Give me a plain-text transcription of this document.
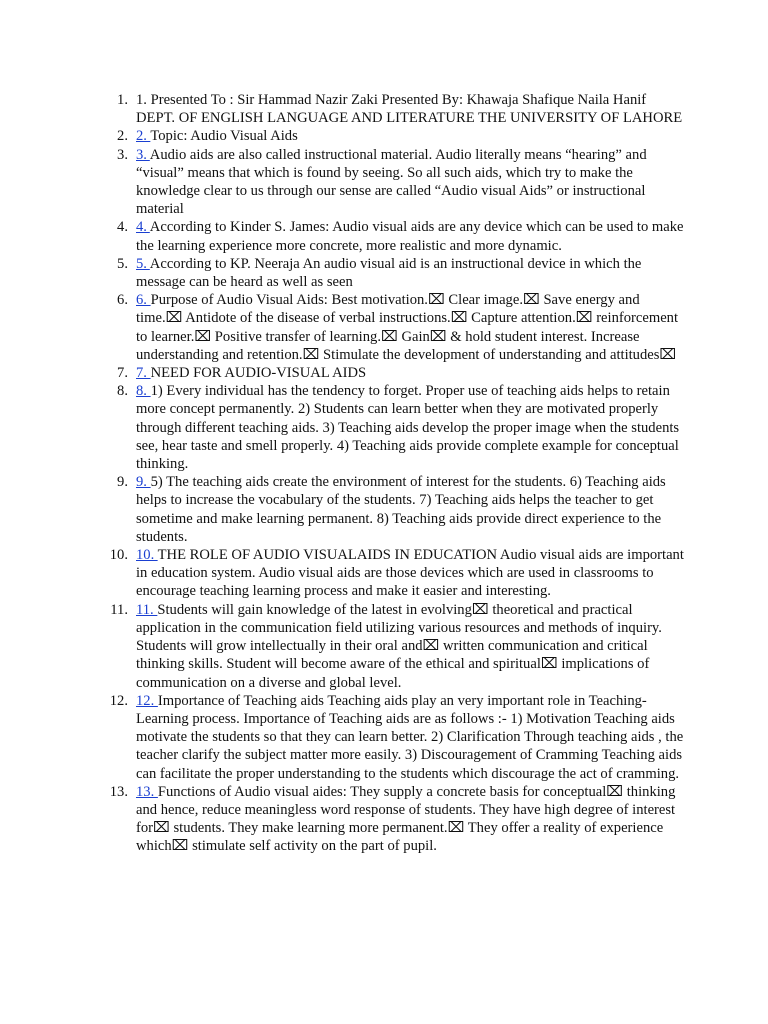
1. 1. Presented To : Sir Hammad Nazir Zaki Presented By: Khawaja Shafique Naila Hanif DEPT. OF ENGLISH LANGUAGE AND LITERATURE THE UNIVERSITY OF LAHORE
2. 2. Topic: Audio Visual Aids
3. 3. Audio aids are also called instructional material. Audio literally means “hearing” and “visual” means that which is found by seeing. So all such aids, which try to make the knowledge clear to us through our sense are called “Audio visual Aids” or instructional material
4. 4. According to Kinder S. James: Audio visual aids are any device which can be used to make the learning experience more concrete, more realistic and more dynamic.
5. 5. According to KP. Neeraja An audio visual aid is an instructional device in which the message can be heard as well as seen
6. 6. Purpose of Audio Visual Aids: Best motivation.⌧ Clear image.⌧ Save energy and time.⌧ Antidote of the disease of verbal instructions.⌧ Capture attention.⌧ reinforcement to learner.⌧ Positive transfer of learning.⌧ Gain⌧ & hold student interest. Increase understanding and retention.⌧ Stimulate the development of understanding and attitudes⌧
7. 7. NEED FOR AUDIO-VISUAL AIDS
8. 8. 1) Every individual has the tendency to forget. Proper use of teaching aids helps to retain more concept permanently. 2) Students can learn better when they are motivated properly through different teaching aids. 3) Teaching aids develop the proper image when the students see, hear taste and smell properly. 4) Teaching aids provide complete example for conceptual thinking.
9. 9. 5) The teaching aids create the environment of interest for the students. 6) Teaching aids helps to increase the vocabulary of the students. 7) Teaching aids helps the teacher to get sometime and make learning permanent. 8) Teaching aids provide direct experience to the students.
10. 10. THE ROLE OF AUDIO VISUALAIDS IN EDUCATION Audio visual aids are important in education system. Audio visual aids are those devices which are used in classrooms to encourage teaching learning process and make it easier and interesting.
11. 11. Students will gain knowledge of the latest in evolving⌧ theoretical and practical application in the communication field utilizing various resources and methods of inquiry. Students will grow intellectually in their oral and⌧ written communication and critical thinking skills. Student will become aware of the ethical and spiritual⌧ implications of communication on a diverse and global level.
12. 12. Importance of Teaching aids Teaching aids play an very important role in Teaching-Learning process. Importance of Teaching aids are as follows :- 1) Motivation Teaching aids motivate the students so that they can learn better. 2) Clarification Through teaching aids , the teacher clarify the subject matter more easily. 3) Discouragement of Cramming Teaching aids can facilitate the proper understanding to the students which discourage the act of cramming.
13. 13. Functions of Audio visual aides: They supply a concrete basis for conceptual⌧ thinking and hence, reduce meaningless word response of students. They have high degree of interest for⌧ students. They make learning more permanent.⌧ They offer a reality of experience which⌧ stimulate self activity on the part of pupil.
